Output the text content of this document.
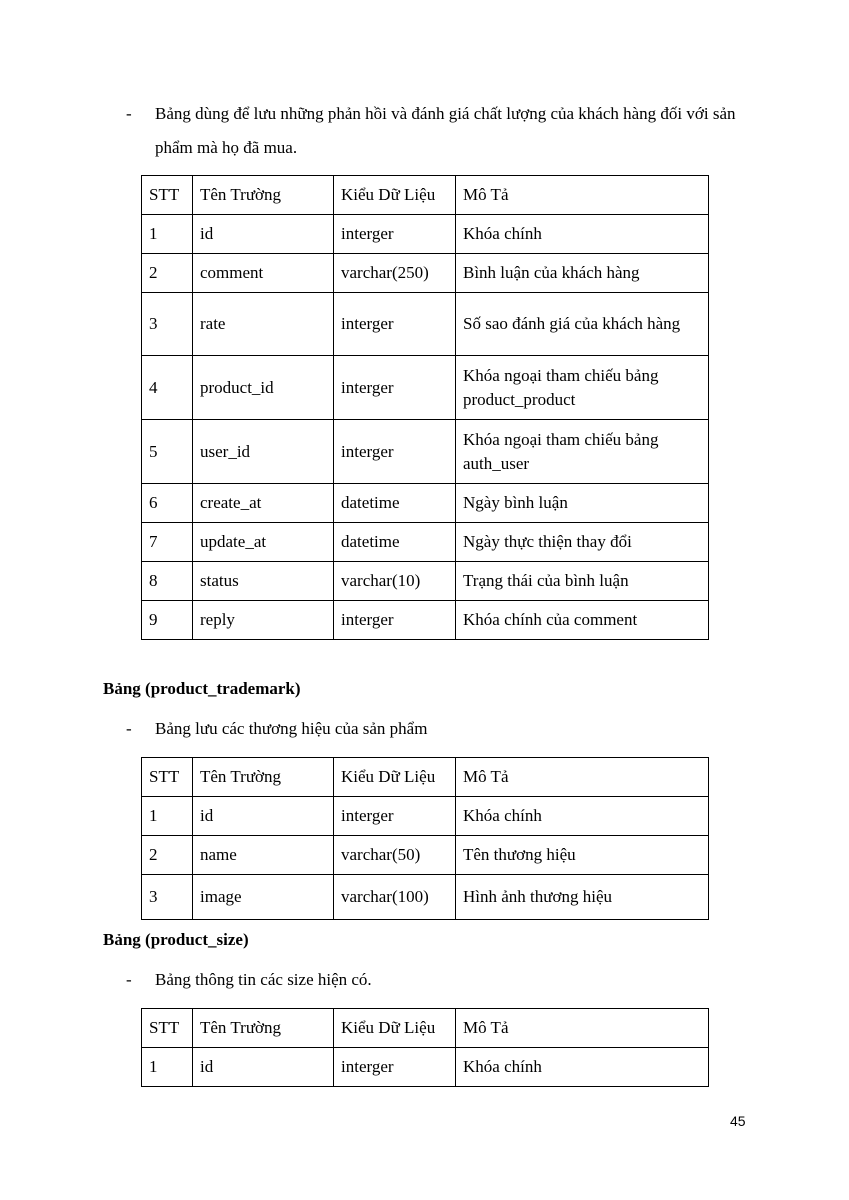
- Bảng dùng để lưu những phản hồi và đánh giá chất lượng của khách hàng đối với sản phẩm mà họ đã mua.
STT	Tên Trường	Kiểu Dữ Liệu	Mô Tả
1	id	interger	Khóa chính
2	comment	varchar(250)	Bình luận của khách hàng
3	rate	interger	Số sao đánh giá của khách hàng
4	product_id	interger	Khóa ngoại tham chiếu bảng product_product
5	user_id	interger	Khóa ngoại tham chiếu bảng auth_user
6	create_at	datetime	Ngày bình luận
7	update_at	datetime	Ngày thực thiện thay đổi
8	status	varchar(10)	Trạng thái của bình luận
9	reply	interger	Khóa chính của comment
Bảng (product_trademark)
- Bảng lưu các thương hiệu của sản phẩm
STT	Tên Trường	Kiểu Dữ Liệu	Mô Tả
1	id	interger	Khóa chính
2	name	varchar(50)	Tên thương hiệu
3	image	varchar(100)	Hình ảnh thương hiệu
Bảng (product_size)
- Bảng thông tin các size hiện có.
STT	Tên Trường	Kiểu Dữ Liệu	Mô Tả
1	id	interger	Khóa chính
45
